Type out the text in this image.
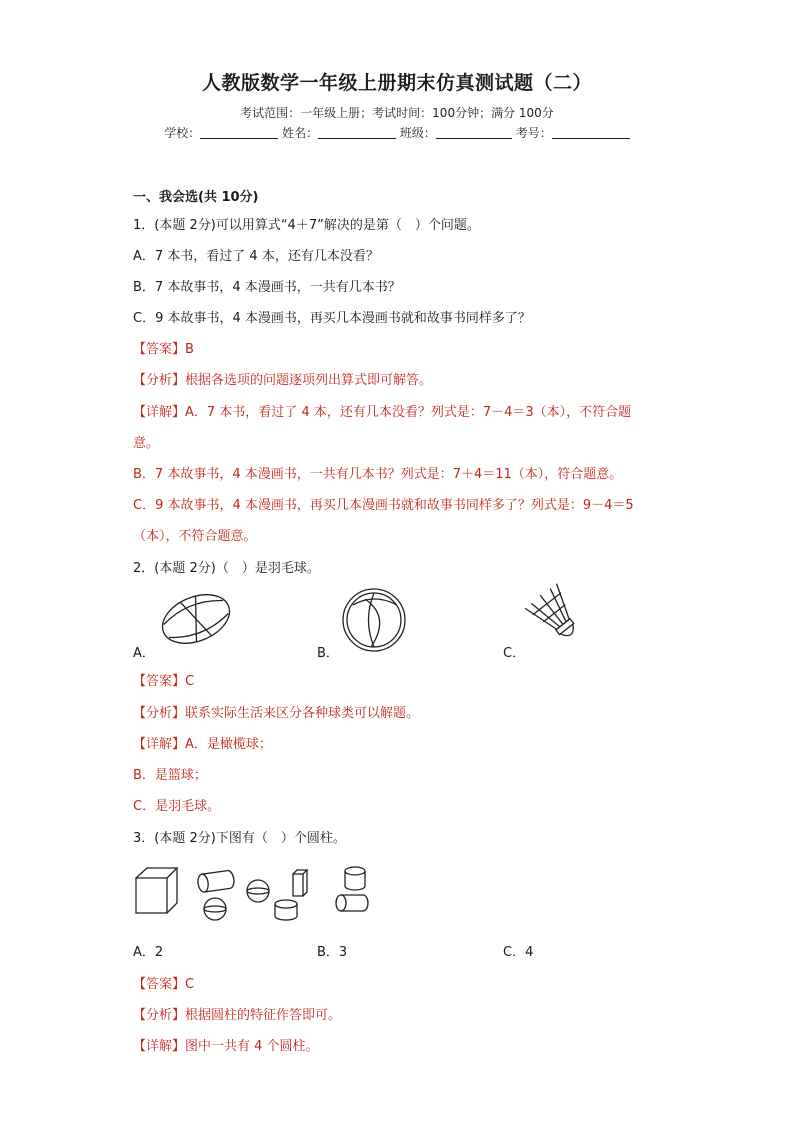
人教版数学一年级上册期末仿真测试题（二）
考试范围：一年级上册；考试时间：100分钟；满分 100分
学校：	姓名：	班级：	考号：
一、我会选(共 10分)
1．(本题 2分)可以用算式“4＋7”解决的是第（　）个问题。
A．7 本书，看过了 4 本，还有几本没看？
B．7 本故事书，4 本漫画书，一共有几本书？
C．9 本故事书，4 本漫画书，再买几本漫画书就和故事书同样多了？
【答案】B
【分析】根据各选项的问题逐项列出算式即可解答。
【详解】A．7 本书，看过了 4 本，还有几本没看？列式是：7－4＝3（本），不符合题
意。
B．7 本故事书，4 本漫画书，一共有几本书？列式是：7＋4＝11（本），符合题意。
C．9 本故事书，4 本漫画书，再买几本漫画书就和故事书同样多了？列式是：9－4＝5
（本），不符合题意。
2．(本题 2分)（　）是羽毛球。
A．	B．	C．
【答案】C
【分析】联系实际生活来区分各种球类可以解题。
【详解】A．是橄榄球；
B．是篮球；
C．是羽毛球。
3．(本题 2分)下图有（　）个圆柱。
A．2	B．3	C．4
【答案】C
【分析】根据圆柱的特征作答即可。
【详解】图中一共有 4 个圆柱。
